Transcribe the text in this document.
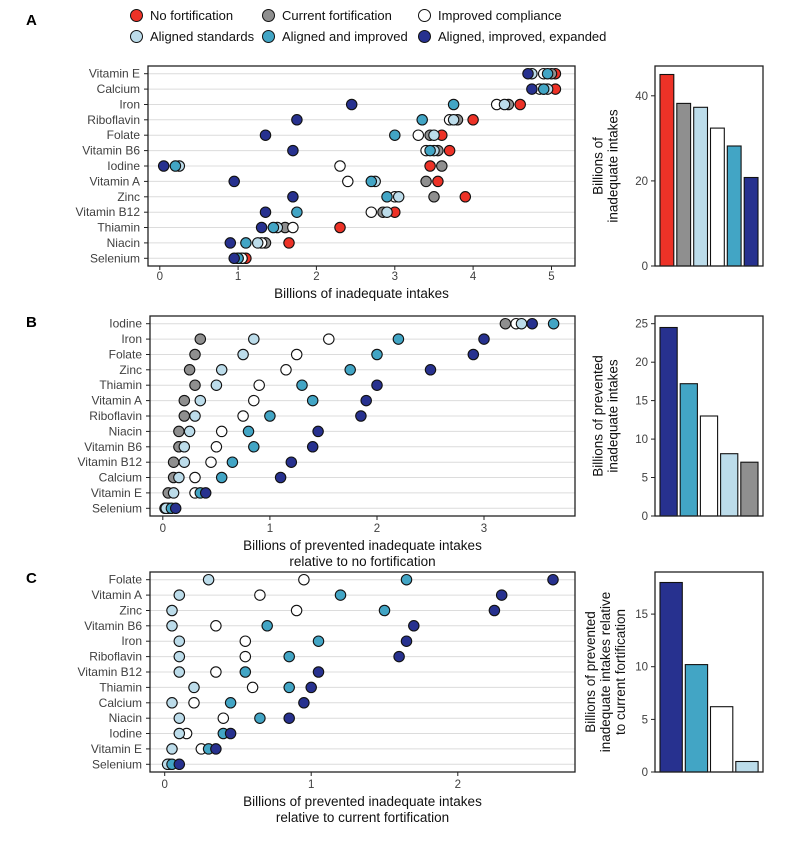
A
B
C
No fortification	Current fortification	Improved compliance
Aligned standards Aligned and improved Aligned, improved, expanded
Vitamin E
Calcium
Iron
Riboflavin
Folate
Vitamin B6
Iodine
Vitamin A
Zinc
Vitamin B12
Thiamin
Niacin
Selenium
0	1	2	3	4	5
Billions of inadequate intakes
0
20
40
Billions of inadequate intakes
Iodine
Iron
Folate
Zinc
Thiamin
Vitamin A
Riboflavin
Niacin
Vitamin B6
Vitamin B12
Calcium
Vitamin E
Selenium
0	1	2	3
Billions of prevented inadequate intakes
relative to no fortification
0
5
10
15
20
25
Billions of prevented inadequate intakes
Folate
Vitamin A
Zinc
Vitamin B6
Iron
Riboflavin
Vitamin B12
Thiamin
Calcium
Niacin
Iodine
Vitamin E
Selenium
0	1	2
Billions of prevented inadequate intakes
relative to current fortification
0
5
10
15
Billions of prevented inadequate intakes relative to current fortification
